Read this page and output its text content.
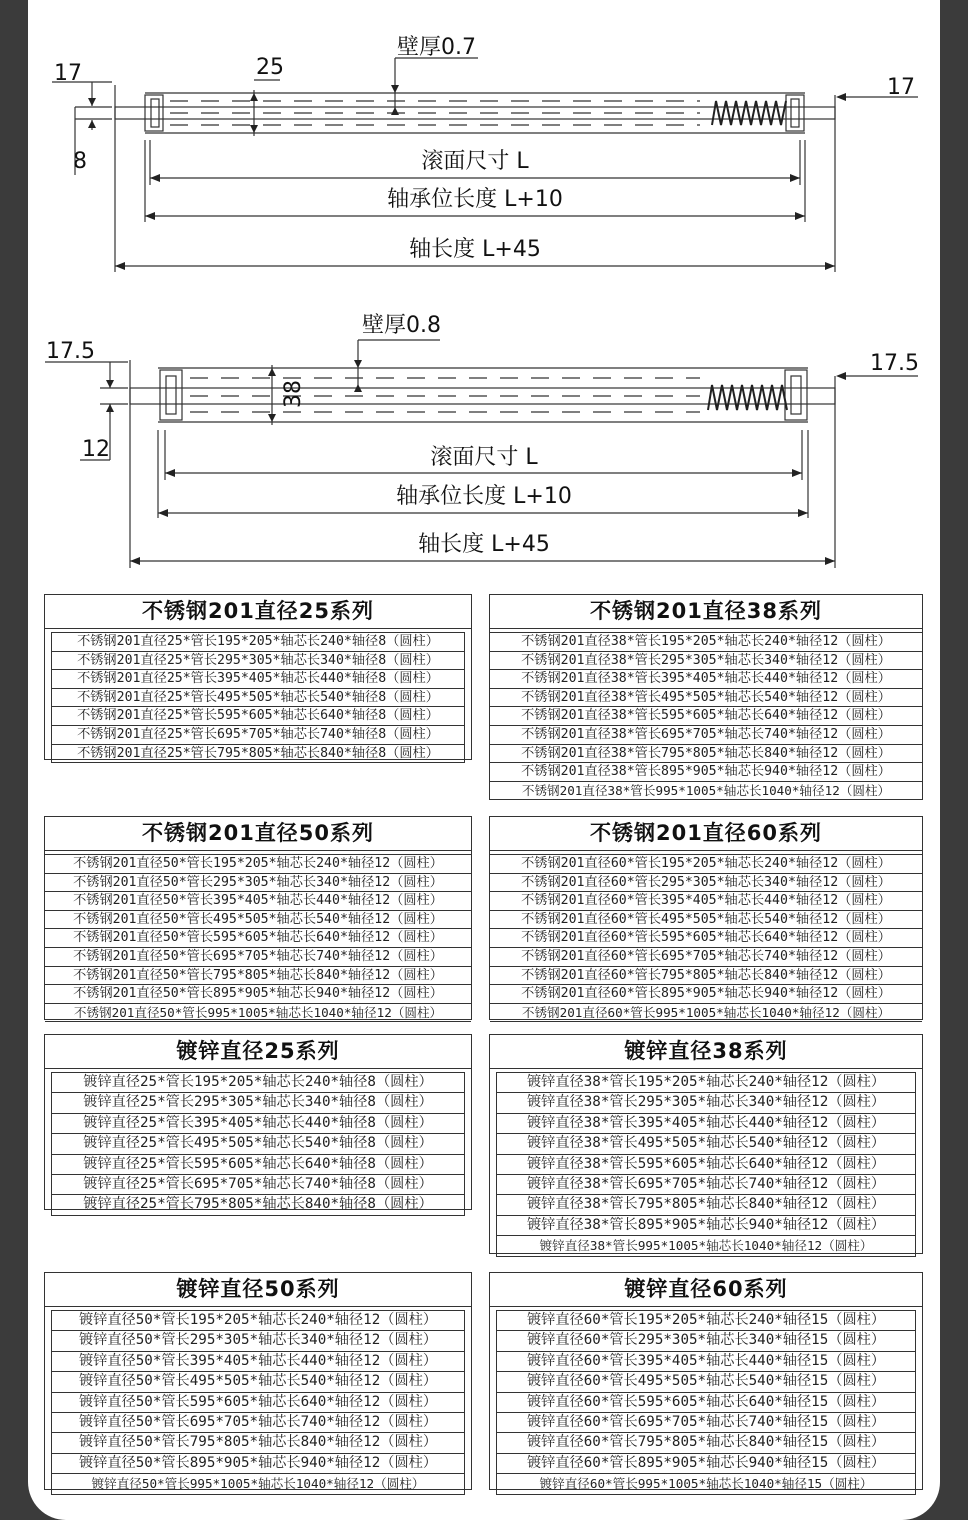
壁厚0.7
25
17
17
8	滚面尺寸 L
轴承位长度 L+10
轴长度 L+45
壁厚0.8
38
17.5	17.5
12	滚面尺寸 L
轴承位长度 L+10
轴长度 L+45
不锈钢201直径25系列
不锈钢201直径25*管长195*205*轴芯长240*轴径8（圆柱）
不锈钢201直径25*管长295*305*轴芯长340*轴径8（圆柱）
不锈钢201直径25*管长395*405*轴芯长440*轴径8（圆柱）
不锈钢201直径25*管长495*505*轴芯长540*轴径8（圆柱）
不锈钢201直径25*管长595*605*轴芯长640*轴径8（圆柱）
不锈钢201直径25*管长695*705*轴芯长740*轴径8（圆柱）
不锈钢201直径25*管长795*805*轴芯长840*轴径8（圆柱）
不锈钢201直径38系列
不锈钢201直径38*管长195*205*轴芯长240*轴径12（圆柱）
不锈钢201直径38*管长295*305*轴芯长340*轴径12（圆柱）
不锈钢201直径38*管长395*405*轴芯长440*轴径12（圆柱）
不锈钢201直径38*管长495*505*轴芯长540*轴径12（圆柱）
不锈钢201直径38*管长595*605*轴芯长640*轴径12（圆柱）
不锈钢201直径38*管长695*705*轴芯长740*轴径12（圆柱）
不锈钢201直径38*管长795*805*轴芯长840*轴径12（圆柱）
不锈钢201直径38*管长895*905*轴芯长940*轴径12（圆柱）
不锈钢201直径38*管长995*1005*轴芯长1040*轴径12（圆柱）
不锈钢201直径50系列
不锈钢201直径50*管长195*205*轴芯长240*轴径12（圆柱）
不锈钢201直径50*管长295*305*轴芯长340*轴径12（圆柱）
不锈钢201直径50*管长395*405*轴芯长440*轴径12（圆柱）
不锈钢201直径50*管长495*505*轴芯长540*轴径12（圆柱）
不锈钢201直径50*管长595*605*轴芯长640*轴径12（圆柱）
不锈钢201直径50*管长695*705*轴芯长740*轴径12（圆柱）
不锈钢201直径50*管长795*805*轴芯长840*轴径12（圆柱）
不锈钢201直径50*管长895*905*轴芯长940*轴径12（圆柱）
不锈钢201直径50*管长995*1005*轴芯长1040*轴径12（圆柱）
不锈钢201直径60系列
不锈钢201直径60*管长195*205*轴芯长240*轴径12（圆柱）
不锈钢201直径60*管长295*305*轴芯长340*轴径12（圆柱）
不锈钢201直径60*管长395*405*轴芯长440*轴径12（圆柱）
不锈钢201直径60*管长495*505*轴芯长540*轴径12（圆柱）
不锈钢201直径60*管长595*605*轴芯长640*轴径12（圆柱）
不锈钢201直径60*管长695*705*轴芯长740*轴径12（圆柱）
不锈钢201直径60*管长795*805*轴芯长840*轴径12（圆柱）
不锈钢201直径60*管长895*905*轴芯长940*轴径12（圆柱）
不锈钢201直径60*管长995*1005*轴芯长1040*轴径12（圆柱）
镀锌直径25系列
镀锌直径25*管长195*205*轴芯长240*轴径8（圆柱）
镀锌直径25*管长295*305*轴芯长340*轴径8（圆柱）
镀锌直径25*管长395*405*轴芯长440*轴径8（圆柱）
镀锌直径25*管长495*505*轴芯长540*轴径8（圆柱）
镀锌直径25*管长595*605*轴芯长640*轴径8（圆柱）
镀锌直径25*管长695*705*轴芯长740*轴径8（圆柱）
镀锌直径25*管长795*805*轴芯长840*轴径8（圆柱）
镀锌直径38系列
镀锌直径38*管长195*205*轴芯长240*轴径12（圆柱）
镀锌直径38*管长295*305*轴芯长340*轴径12（圆柱）
镀锌直径38*管长395*405*轴芯长440*轴径12（圆柱）
镀锌直径38*管长495*505*轴芯长540*轴径12（圆柱）
镀锌直径38*管长595*605*轴芯长640*轴径12（圆柱）
镀锌直径38*管长695*705*轴芯长740*轴径12（圆柱）
镀锌直径38*管长795*805*轴芯长840*轴径12（圆柱）
镀锌直径38*管长895*905*轴芯长940*轴径12（圆柱）
镀锌直径38*管长995*1005*轴芯长1040*轴径12（圆柱）
镀锌直径50系列
镀锌直径50*管长195*205*轴芯长240*轴径12（圆柱）
镀锌直径50*管长295*305*轴芯长340*轴径12（圆柱）
镀锌直径50*管长395*405*轴芯长440*轴径12（圆柱）
镀锌直径50*管长495*505*轴芯长540*轴径12（圆柱）
镀锌直径50*管长595*605*轴芯长640*轴径12（圆柱）
镀锌直径50*管长695*705*轴芯长740*轴径12（圆柱）
镀锌直径50*管长795*805*轴芯长840*轴径12（圆柱）
镀锌直径50*管长895*905*轴芯长940*轴径12（圆柱）
镀锌直径50*管长995*1005*轴芯长1040*轴径12（圆柱）
镀锌直径60系列
镀锌直径60*管长195*205*轴芯长240*轴径15（圆柱）
镀锌直径60*管长295*305*轴芯长340*轴径15（圆柱）
镀锌直径60*管长395*405*轴芯长440*轴径15（圆柱）
镀锌直径60*管长495*505*轴芯长540*轴径15（圆柱）
镀锌直径60*管长595*605*轴芯长640*轴径15（圆柱）
镀锌直径60*管长695*705*轴芯长740*轴径15（圆柱）
镀锌直径60*管长795*805*轴芯长840*轴径15（圆柱）
镀锌直径60*管长895*905*轴芯长940*轴径15（圆柱）
镀锌直径60*管长995*1005*轴芯长1040*轴径15（圆柱）
